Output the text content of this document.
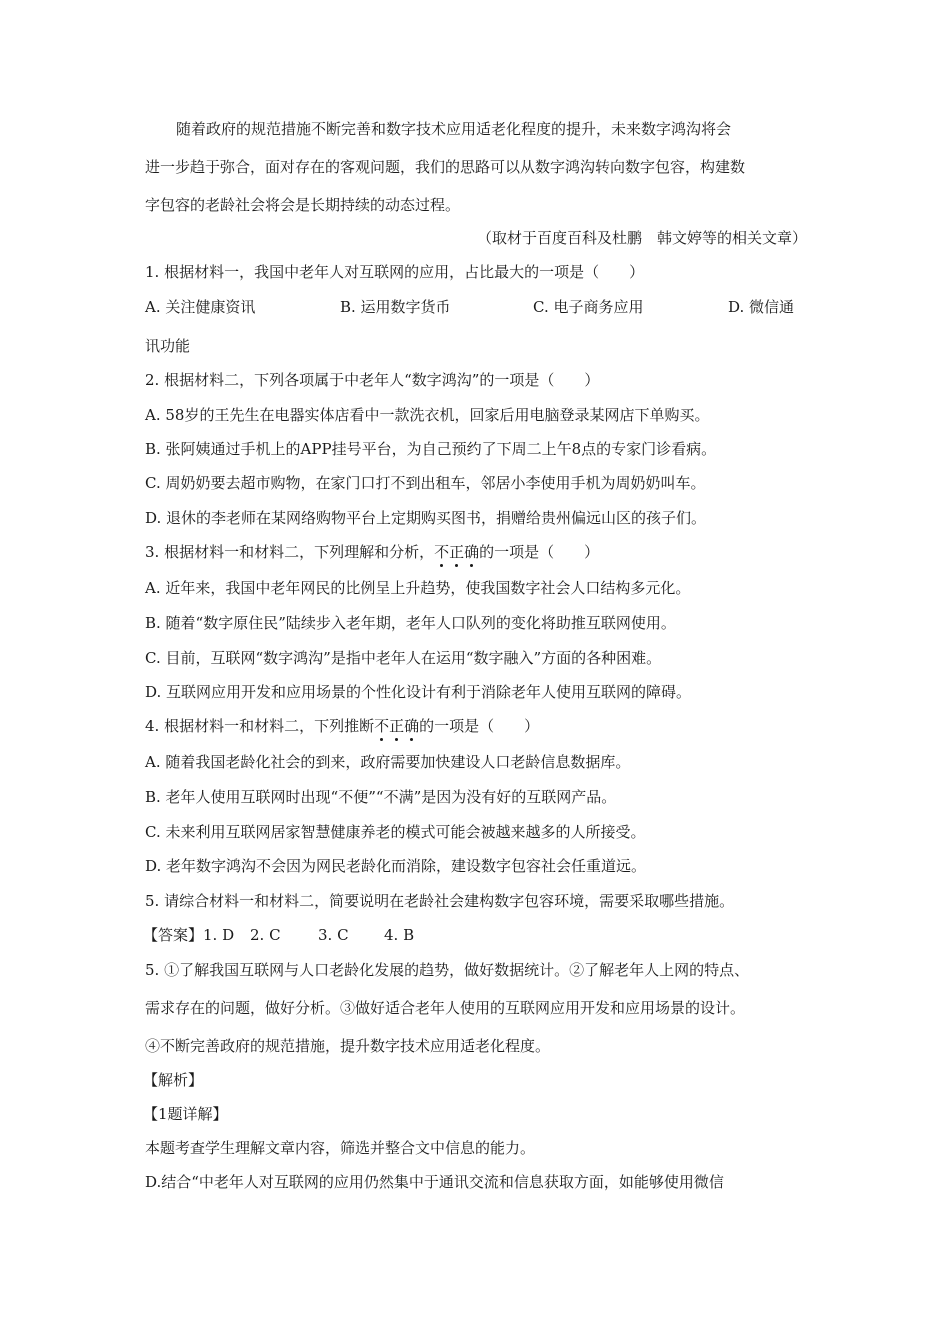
随着政府的规范措施不断完善和数字技术应用适老化程度的提升，未来数字鸿沟将会
进一步趋于弥合，面对存在的客观问题，我们的思路可以从数字鸿沟转向数字包容，构建数
字包容的老龄社会将会是长期持续的动态过程。
（取材于百度百科及杜鹏　韩文婷等的相关文章）
1. 根据材料一，我国中老年人对互联网的应用，占比最大的一项是（　　）
A. 关注健康资讯	B. 运用数字货币	C. 电子商务应用	D. 微信通
讯功能
2. 根据材料二，下列各项属于中老年人“数字鸿沟”的一项是（　　）
A. 58岁的王先生在电器实体店看中一款洗衣机，回家后用电脑登录某网店下单购买。
B. 张阿姨通过手机上的APP挂号平台，为自己预约了下周二上午8点的专家门诊看病。
C. 周奶奶要去超市购物，在家门口打不到出租车，邻居小李使用手机为周奶奶叫车。
D. 退休的李老师在某网络购物平台上定期购买图书，捐赠给贵州偏远山区的孩子们。
3. 根据材料一和材料二，下列理解和分析，不正确的一项是（　　）
A. 近年来，我国中老年网民的比例呈上升趋势，使我国数字社会人口结构多元化。
B. 随着“数字原住民”陆续步入老年期，老年人口队列的变化将助推互联网使用。
C. 目前，互联网“数字鸿沟”是指中老年人在运用“数字融入”方面的各种困难。
D. 互联网应用开发和应用场景的个性化设计有利于消除老年人使用互联网的障碍。
4. 根据材料一和材料二，下列推断不正确的一项是（　　）
A. 随着我国老龄化社会的到来，政府需要加快建设人口老龄信息数据库。
B. 老年人使用互联网时出现“不便”“不满”是因为没有好的互联网产品。
C. 未来利用互联网居家智慧健康养老的模式可能会被越来越多的人所接受。
D. 老年数字鸿沟不会因为网民老龄化而消除，建设数字包容社会任重道远。
5. 请综合材料一和材料二，简要说明在老龄社会建构数字包容环境，需要采取哪些措施。
【答案】1. D 2. C 3. C 4. B
5. ①了解我国互联网与人口老龄化发展的趋势，做好数据统计。②了解老年人上网的特点、
需求存在的问题，做好分析。③做好适合老年人使用的互联网应用开发和应用场景的设计。
④不断完善政府的规范措施，提升数字技术应用适老化程度。
【解析】
【1题详解】
本题考查学生理解文章内容，筛选并整合文中信息的能力。
D.结合“中老年人对互联网的应用仍然集中于通讯交流和信息获取方面，如能够使用微信
